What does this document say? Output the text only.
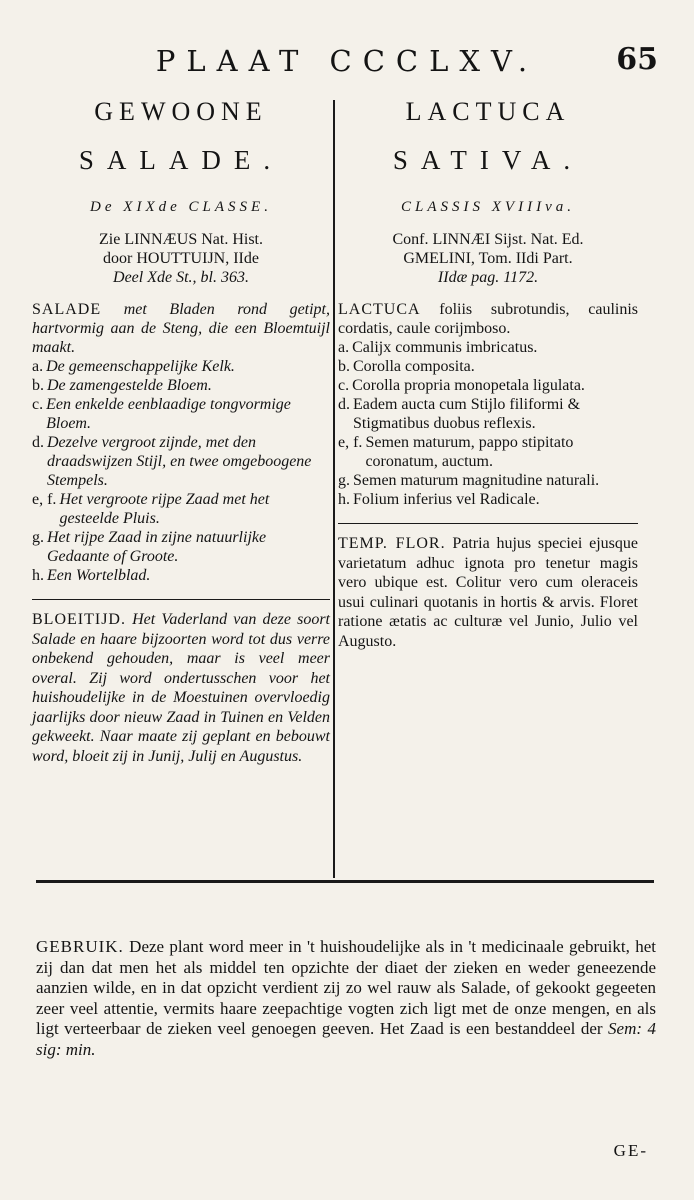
PLAAT CCCLXV.	65
GEWOONE
SALADE.
De XIXde CLASSE.
Zie LINNÆUS Nat. Hist.
door HOUTTUIJN, IIde
Deel Xde St., bl. 363.

SALADE met Bladen rond getipt, hartvormig aan de Steng, die een Bloemtuijl maakt.

a. De gemeenschappelijke Kelk.
b. De zamengestelde Bloem.
c. Een enkelde eenblaadige tongvormige Bloem.
d. Dezelve vergroot zijnde, met den draadswijzen Stijl, en twee omgeboogene Stempels.
e, f. Het vergroote rijpe Zaad met het gesteelde Pluis.
g. Het rijpe Zaad in zijne natuurlijke Gedaante of Groote.
h. Een Wortelblad.
BLOEITIJD. Het Vaderland van deze soort Salade en haare bijzoorten word tot dus verre onbekend gehouden, maar is veel meer overal. Zij word ondertusschen voor het huishoudelijke in de Moestuinen overvloedig jaarlijks door nieuw Zaad in Tuinen en Velden gekweekt. Naar maate zij geplant en bebouwt word, bloeit zij in Junij, Julij en Augustus.
LACTUCA
SATIVA.
CLASSIS XVIIIva.
Conf. LINNÆI Sijst. Nat. Ed.
GMELINI, Tom. IIdi Part.
IIdæ pag. 1172.

LACTUCA foliis subrotundis, caulinis cordatis, caule corijmboso.

a. Calijx communis imbricatus.
b. Corolla composita.
c. Corolla propria monopetala ligulata.
d. Eadem aucta cum Stijlo filiformi & Stigmatibus duobus reflexis.
e, f. Semen maturum, pappo stipitato coronatum, auctum.
g. Semen maturum magnitudine naturali.
h. Folium inferius vel Radicale.
TEMP. FLOR. Patria hujus speciei ejusque varietatum adhuc ignota pro tenetur magis vero ubique est. Colitur vero cum oleraceis usui culinari quotanis in hortis & arvis. Floret ratione ætatis ac culturæ vel Junio, Julio vel Augusto.
GEBRUIK. Deze plant word meer in 't huishoudelijke als in 't medicinaale gebruikt, het zij dan dat men het als middel ten opzichte der diaet der zieken en weder geneezende aanzien wilde, en in dat opzicht verdient zij zo wel rauw als Salade, of gekookt gegeeten zeer veel attentie, vermits haare zeepachtige vogten zich ligt met de onze mengen, en als ligt verteerbaar de zieken veel genoegen geeven. Het Zaad is een bestanddeel der Sem: 4 sig: min.
GE-
